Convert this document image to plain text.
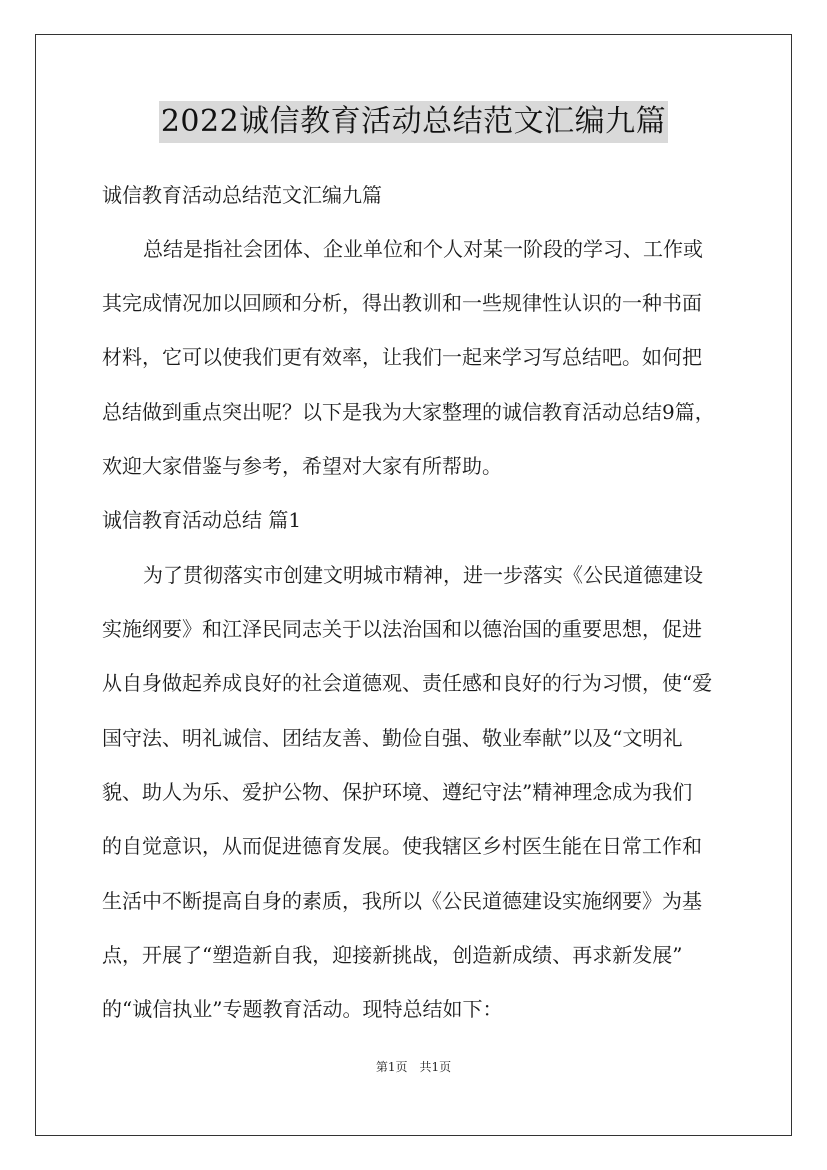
2022诚信教育活动总结范文汇编九篇
诚信教育活动总结范文汇编九篇
总结是指社会团体、企业单位和个人对某一阶段的学习、工作或
其完成情况加以回顾和分析，得出教训和一些规律性认识的一种书面
材料，它可以使我们更有效率，让我们一起来学习写总结吧。如何把
总结做到重点突出呢？以下是我为大家整理的诚信教育活动总结9篇，
欢迎大家借鉴与参考，希望对大家有所帮助。
诚信教育活动总结 篇1
为了贯彻落实市创建文明城市精神，进一步落实《公民道德建设
实施纲要》和江泽民同志关于以法治国和以德治国的重要思想，促进
从自身做起养成良好的社会道德观、责任感和良好的行为习惯，使“爱
国守法、明礼诚信、团结友善、勤俭自强、敬业奉献”以及“文明礼
貌、助人为乐、爱护公物、保护环境、遵纪守法”精神理念成为我们
的自觉意识，从而促进德育发展。使我辖区乡村医生能在日常工作和
生活中不断提高自身的素质，我所以《公民道德建设实施纲要》为基
点，开展了“塑造新自我，迎接新挑战，创造新成绩、再求新发展”
的“诚信执业”专题教育活动。现特总结如下：
第1页　共1页
